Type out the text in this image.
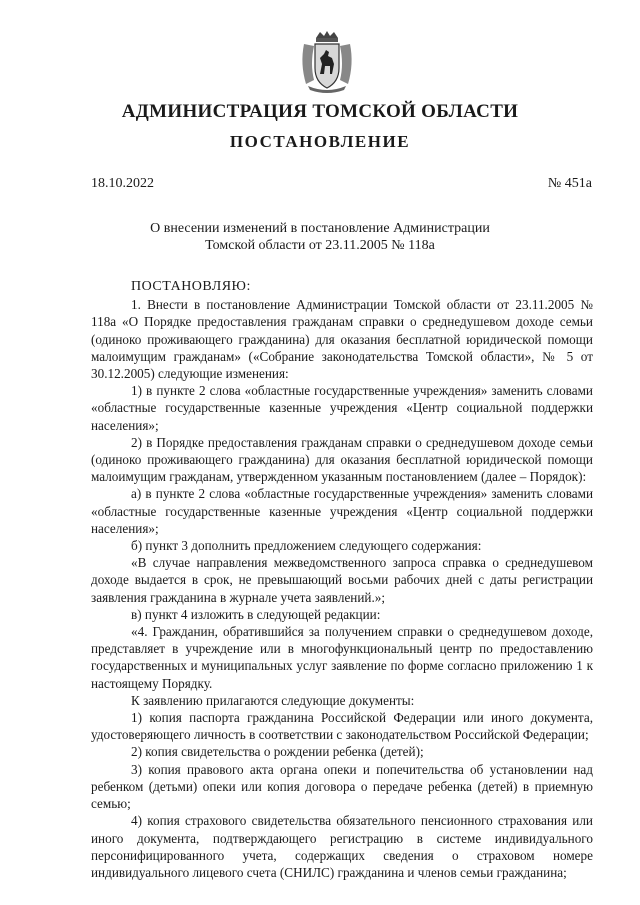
АДМИНИСТРАЦИЯ ТОМСКОЙ ОБЛАСТИ
ПОСТАНОВЛЕНИЕ
18.10.2022	№ 451а
О внесении изменений в постановление Администрации
Томской области от 23.11.2005 № 118а

ПОСТАНОВЛЯЮ:

1. Внести в постановление Администрации Томской области от 23.11.2005 № 118а «О Порядке предоставления гражданам справки о среднедушевом доходе семьи (одиноко проживающего гражданина) для оказания бесплатной юридической помощи малоимущим гражданам» («Собрание законодательства Томской области», № 5 от 30.12.2005) следующие изменения:

1) в пункте 2 слова «областные государственные учреждения» заменить словами «областные государственные казенные учреждения «Центр социальной поддержки населения»;

2) в Порядке предоставления гражданам справки о среднедушевом доходе семьи (одиноко проживающего гражданина) для оказания бесплатной юридической помощи малоимущим гражданам, утвержденном указанным постановлением (далее – Порядок):

а) в пункте 2 слова «областные государственные учреждения» заменить словами «областные государственные казенные учреждения «Центр социальной поддержки населения»;

б) пункт 3 дополнить предложением следующего содержания:

«В случае направления межведомственного запроса справка о среднедушевом доходе выдается в срок, не превышающий восьми рабочих дней с даты регистрации заявления гражданина в журнале учета заявлений.»;

в) пункт 4 изложить в следующей редакции:

«4. Гражданин, обратившийся за получением справки о среднедушевом доходе, представляет в учреждение или в многофункциональный центр по предоставлению государственных и муниципальных услуг заявление по форме согласно приложению 1 к настоящему Порядку.

К заявлению прилагаются следующие документы:

1) копия паспорта гражданина Российской Федерации или иного документа, удостоверяющего личность в соответствии с законодательством Российской Федерации;

2) копия свидетельства о рождении ребенка (детей);

3) копия правового акта органа опеки и попечительства об установлении над ребенком (детьми) опеки или копия договора о передаче ребенка (детей) в приемную семью;

4) копия страхового свидетельства обязательного пенсионного страхования или иного документа, подтверждающего регистрацию в системе индивидуального персонифицированного учета, содержащих сведения о страховом номере индивидуального лицевого счета (СНИЛС) гражданина и членов семьи гражданина;
